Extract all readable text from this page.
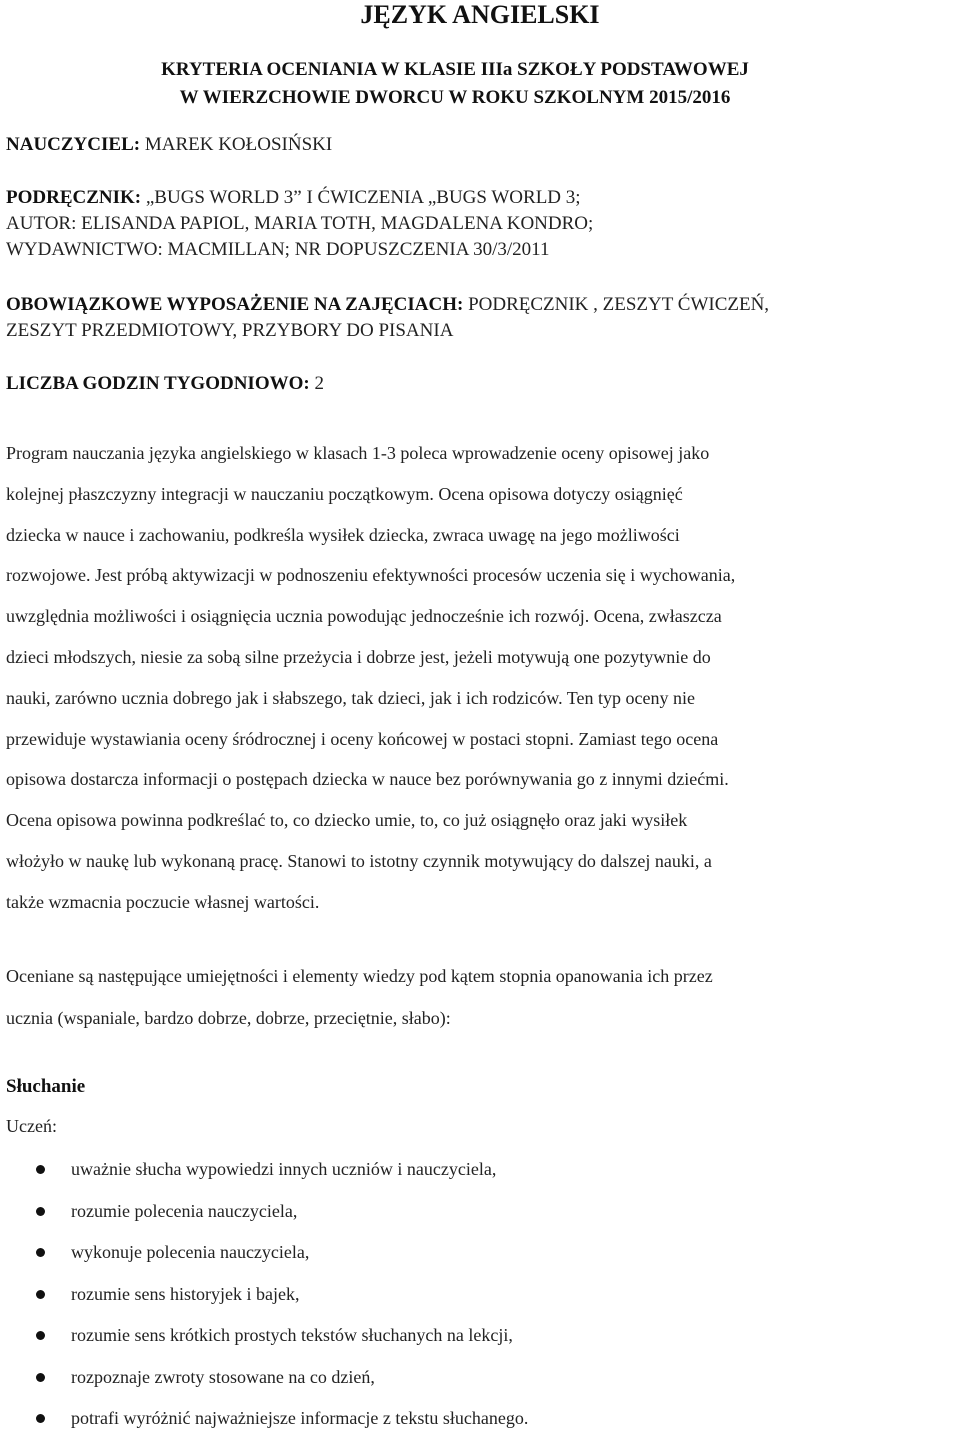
JĘZYK ANGIELSKI
KRYTERIA OCENIANIA W KLASIE IIIa SZKOŁY PODSTAWOWEJ
W WIERZCHOWIE DWORCU W ROKU SZKOLNYM 2015/2016

NAUCZYCIEL: MAREK KOŁOSIŃSKI

PODRĘCZNIK: „BUGS WORLD 3” I ĆWICZENIA „BUGS WORLD 3;
AUTOR: ELISANDA PAPIOL, MARIA TOTH, MAGDALENA KONDRO;
WYDAWNICTWO: MACMILLAN; NR DOPUSZCZENIA 30/3/2011
OBOWIĄZKOWE WYPOSAŻENIE NA ZAJĘCIACH: PODRĘCZNIK , ZESZYT ĆWICZEŃ,
ZESZYT PRZEDMIOTOWY, PRZYBORY DO PISANIA

LICZBA GODZIN TYGODNIOWO: 2

Program nauczania języka angielskiego w klasach 1-3 poleca wprowadzenie oceny opisowej jako
kolejnej płaszczyzny integracji w nauczaniu początkowym. Ocena opisowa dotyczy osiągnięć
dziecka w nauce i zachowaniu, podkreśla wysiłek dziecka, zwraca uwagę na jego możliwości
rozwojowe. Jest próbą aktywizacji w podnoszeniu efektywności procesów uczenia się i wychowania,
uwzględnia możliwości i osiągnięcia ucznia powodując jednocześnie ich rozwój. Ocena, zwłaszcza
dzieci młodszych, niesie za sobą silne przeżycia i dobrze jest, jeżeli motywują one pozytywnie do
nauki, zarówno ucznia dobrego jak i słabszego, tak dzieci, jak i ich rodziców. Ten typ oceny nie
przewiduje wystawiania oceny śródrocznej i oceny końcowej w postaci stopni. Zamiast tego ocena
opisowa dostarcza informacji o postępach dziecka w nauce bez porównywania go z innymi dziećmi.
Ocena opisowa powinna podkreślać to, co dziecko umie, to, co już osiągnęło oraz jaki wysiłek
włożyło w naukę lub wykonaną pracę. Stanowi to istotny czynnik motywujący do dalszej nauki, a
także wzmacnia poczucie własnej wartości.
Oceniane są następujące umiejętności i elementy wiedzy pod kątem stopnia opanowania ich przez
ucznia (wspaniale, bardzo dobrze, dobrze, przeciętnie, słabo):
Słuchanie

Uczeń:

uważnie słucha wypowiedzi innych uczniów i nauczyciela,
rozumie polecenia nauczyciela,
wykonuje polecenia nauczyciela,
rozumie sens historyjek i bajek,
rozumie sens krótkich prostych tekstów słuchanych na lekcji,
rozpoznaje zwroty stosowane na co dzień,
potrafi wyróżnić najważniejsze informacje z tekstu słuchanego.
